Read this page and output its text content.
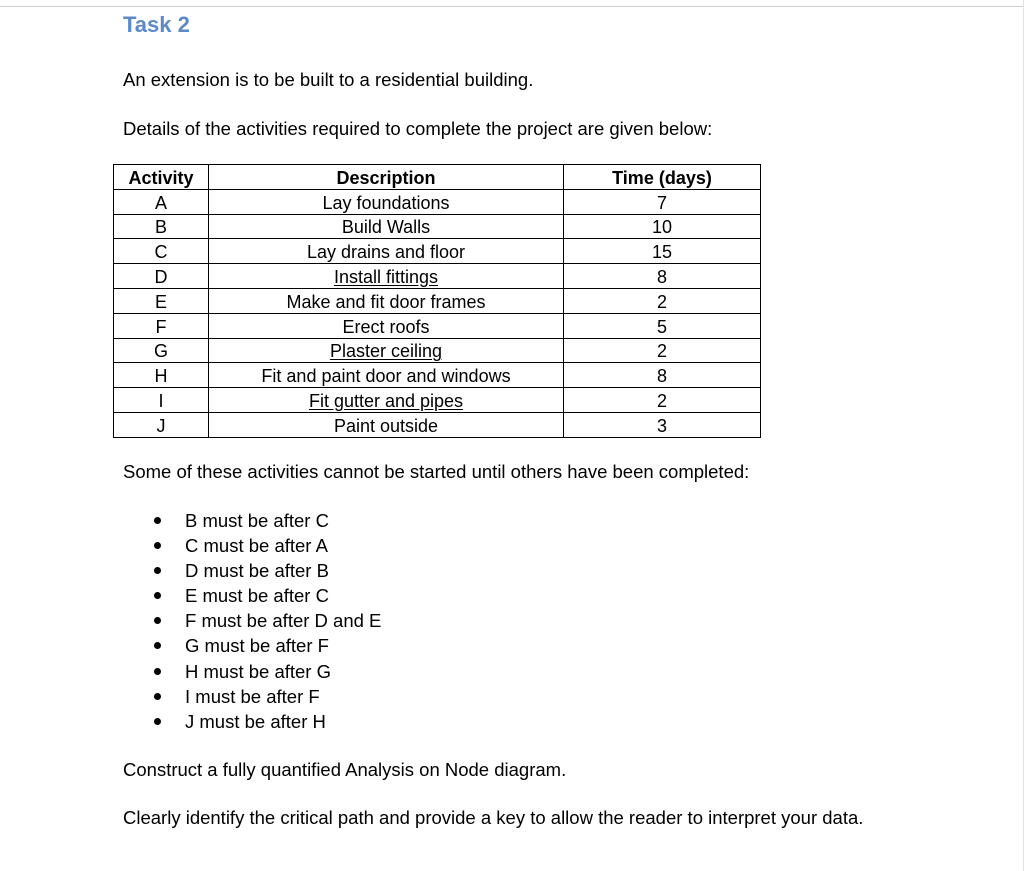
Task 2
An extension is to be built to a residential building.
Details of the activities required to complete the project are given below:
Activity	Description	Time (days)
A	Lay foundations	7
B	Build Walls	10
C	Lay drains and floor	15
D	Install fittings	8
E	Make and fit door frames	2
F	Erect roofs	5
G	Plaster ceiling	2
H	Fit and paint door and windows	8
I	Fit gutter and pipes	2
J	Paint outside	3
Some of these activities cannot be started until others have been completed:
B must be after C
C must be after A
D must be after B
E must be after C
F must be after D and E
G must be after F
H must be after G
I must be after F
J must be after H
Construct a fully quantified Analysis on Node diagram.
Clearly identify the critical path and provide a key to allow the reader to interpret your data.
